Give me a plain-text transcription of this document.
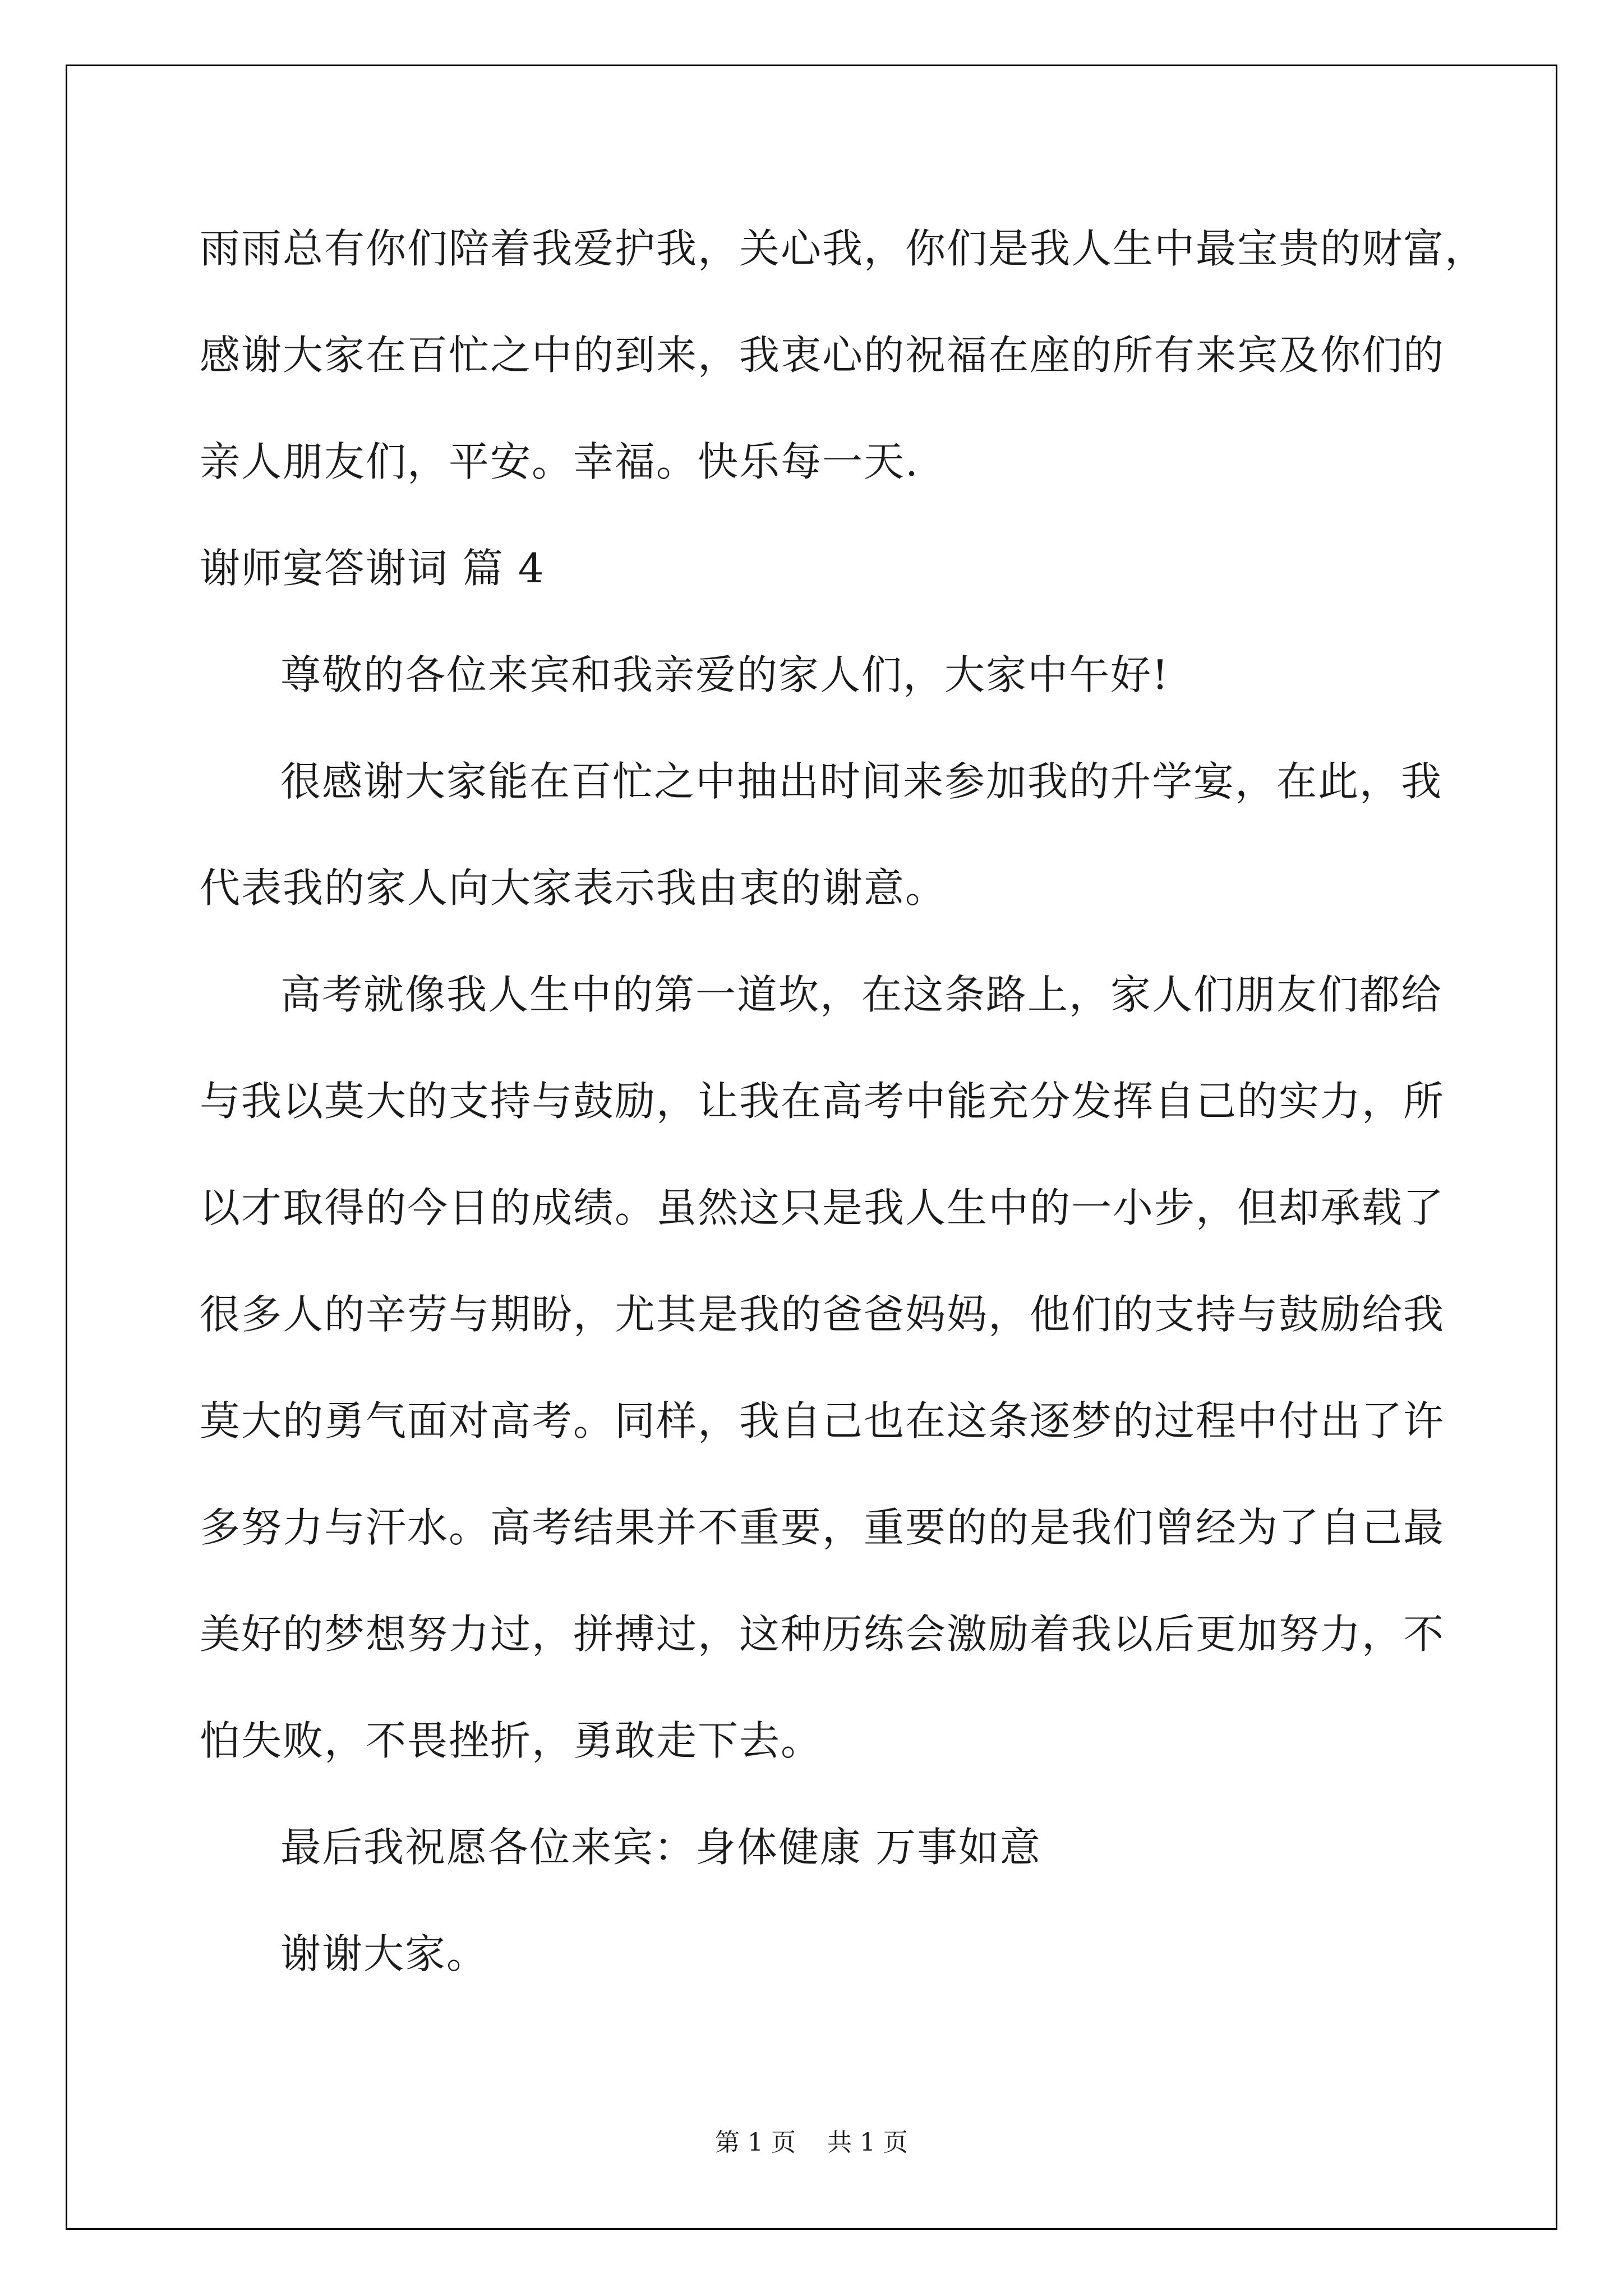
雨雨总有你们陪着我爱护我，关心我，你们是我人生中最宝贵的财富，
感谢大家在百忙之中的到来，我衷心的祝福在座的所有来宾及你们的
亲人朋友们，平安。幸福。快乐每一天.
谢师宴答谢词 篇 4
尊敬的各位来宾和我亲爱的家人们，大家中午好!
很感谢大家能在百忙之中抽出时间来参加我的升学宴，在此，我
代表我的家人向大家表示我由衷的谢意。
高考就像我人生中的第一道坎，在这条路上，家人们朋友们都给
与我以莫大的支持与鼓励，让我在高考中能充分发挥自己的实力，所
以才取得的今日的成绩。虽然这只是我人生中的一小步，但却承载了
很多人的辛劳与期盼，尤其是我的爸爸妈妈，他们的支持与鼓励给我
莫大的勇气面对高考。同样，我自己也在这条逐梦的过程中付出了许
多努力与汗水。高考结果并不重要，重要的的是我们曾经为了自己最
美好的梦想努力过，拼搏过，这种历练会激励着我以后更加努力，不
怕失败，不畏挫折，勇敢走下去。
最后我祝愿各位来宾：身体健康 万事如意
谢谢大家。
第 1 页    共 1 页
